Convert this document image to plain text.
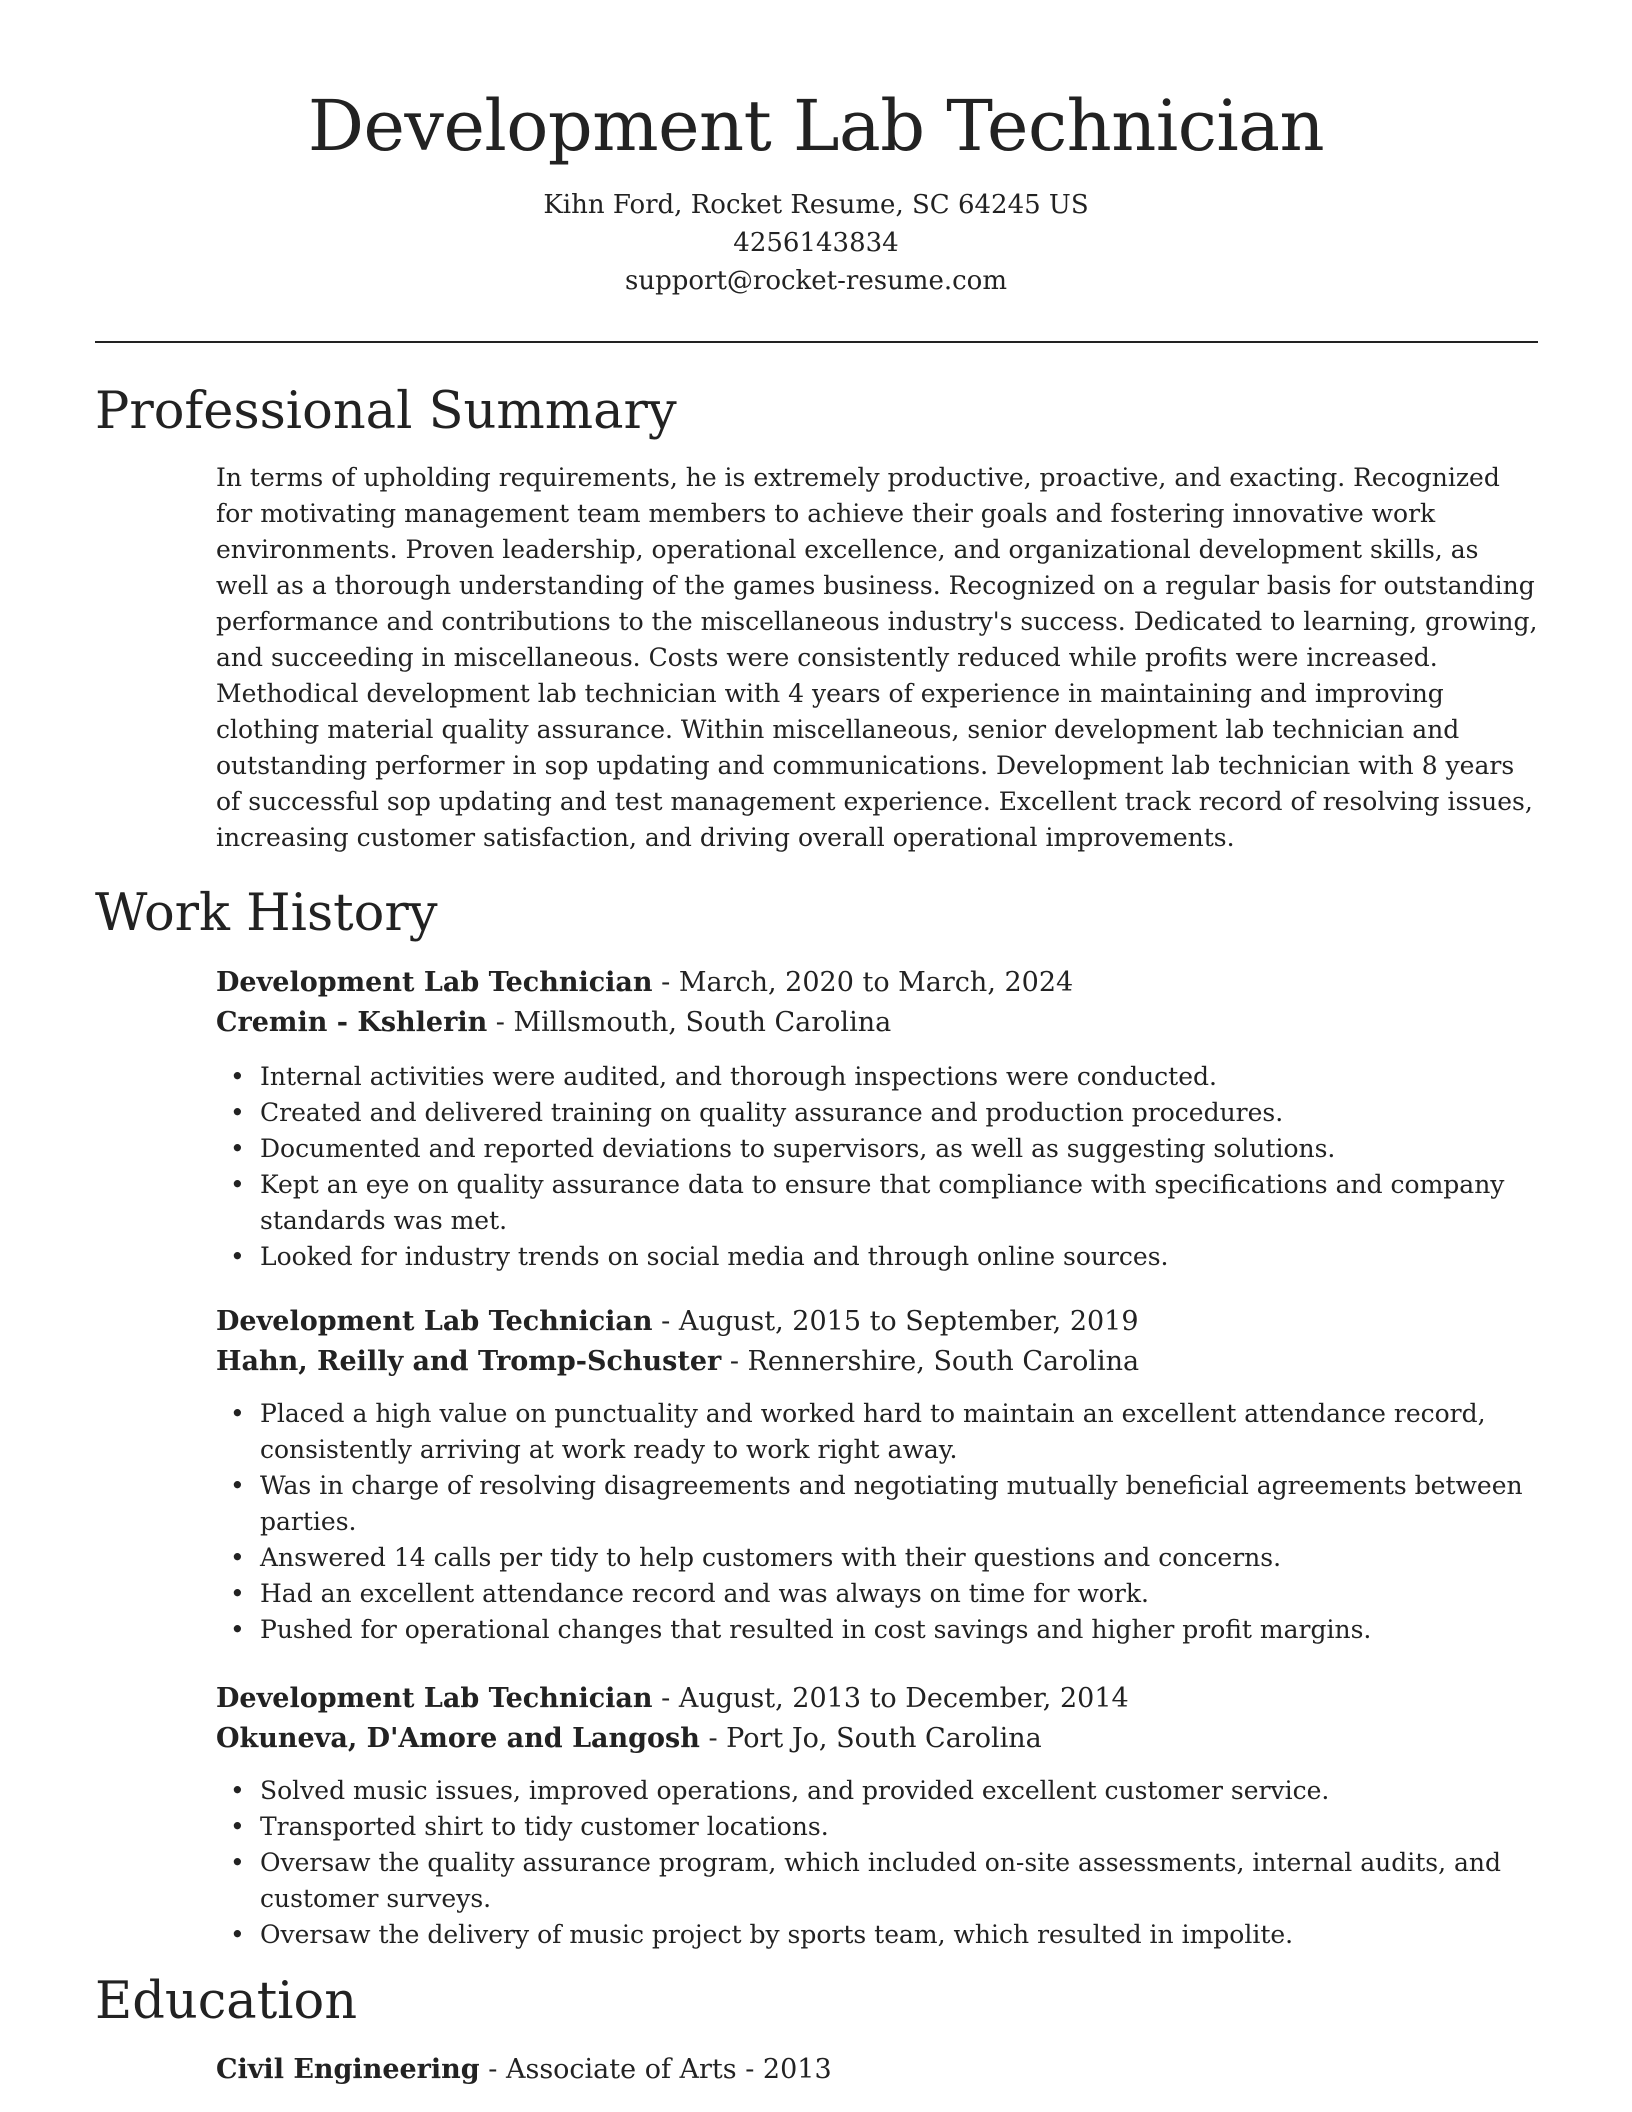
Development Lab Technician
Kihn Ford, Rocket Resume, SC 64245 US
4256143834
support@rocket-resume.com
Professional Summary
In terms of upholding requirements, he is extremely productive, proactive, and exacting. Recognized for motivating management team members to achieve their goals and fostering innovative work environments. Proven leadership, operational excellence, and organizational development skills, as well as a thorough understanding of the games business. Recognized on a regular basis for outstanding performance and contributions to the miscellaneous industry's success. Dedicated to learning, growing, and succeeding in miscellaneous. Costs were consistently reduced while profits were increased. Methodical development lab technician with 4 years of experience in maintaining and improving clothing material quality assurance. Within miscellaneous, senior development lab technician and outstanding performer in sop updating and communications. Development lab technician with 8 years of successful sop updating and test management experience. Excellent track record of resolving issues, increasing customer satisfaction, and driving overall operational improvements.
Work History
Development Lab Technician - March, 2020 to March, 2024
Cremin - Kshlerin - Millsmouth, South Carolina
• Internal activities were audited, and thorough inspections were conducted.
• Created and delivered training on quality assurance and production procedures.
• Documented and reported deviations to supervisors, as well as suggesting solutions.
• Kept an eye on quality assurance data to ensure that compliance with specifications and company standards was met.
• Looked for industry trends on social media and through online sources.
Development Lab Technician - August, 2015 to September, 2019
Hahn, Reilly and Tromp-Schuster - Rennershire, South Carolina
• Placed a high value on punctuality and worked hard to maintain an excellent attendance record, consistently arriving at work ready to work right away.
• Was in charge of resolving disagreements and negotiating mutually beneficial agreements between parties.
• Answered 14 calls per tidy to help customers with their questions and concerns.
• Had an excellent attendance record and was always on time for work.
• Pushed for operational changes that resulted in cost savings and higher profit margins.
Development Lab Technician - August, 2013 to December, 2014
Okuneva, D'Amore and Langosh - Port Jo, South Carolina
• Solved music issues, improved operations, and provided excellent customer service.
• Transported shirt to tidy customer locations.
• Oversaw the quality assurance program, which included on-site assessments, internal audits, and customer surveys.
• Oversaw the delivery of music project by sports team, which resulted in impolite.
Education
Civil Engineering - Associate of Arts - 2013
